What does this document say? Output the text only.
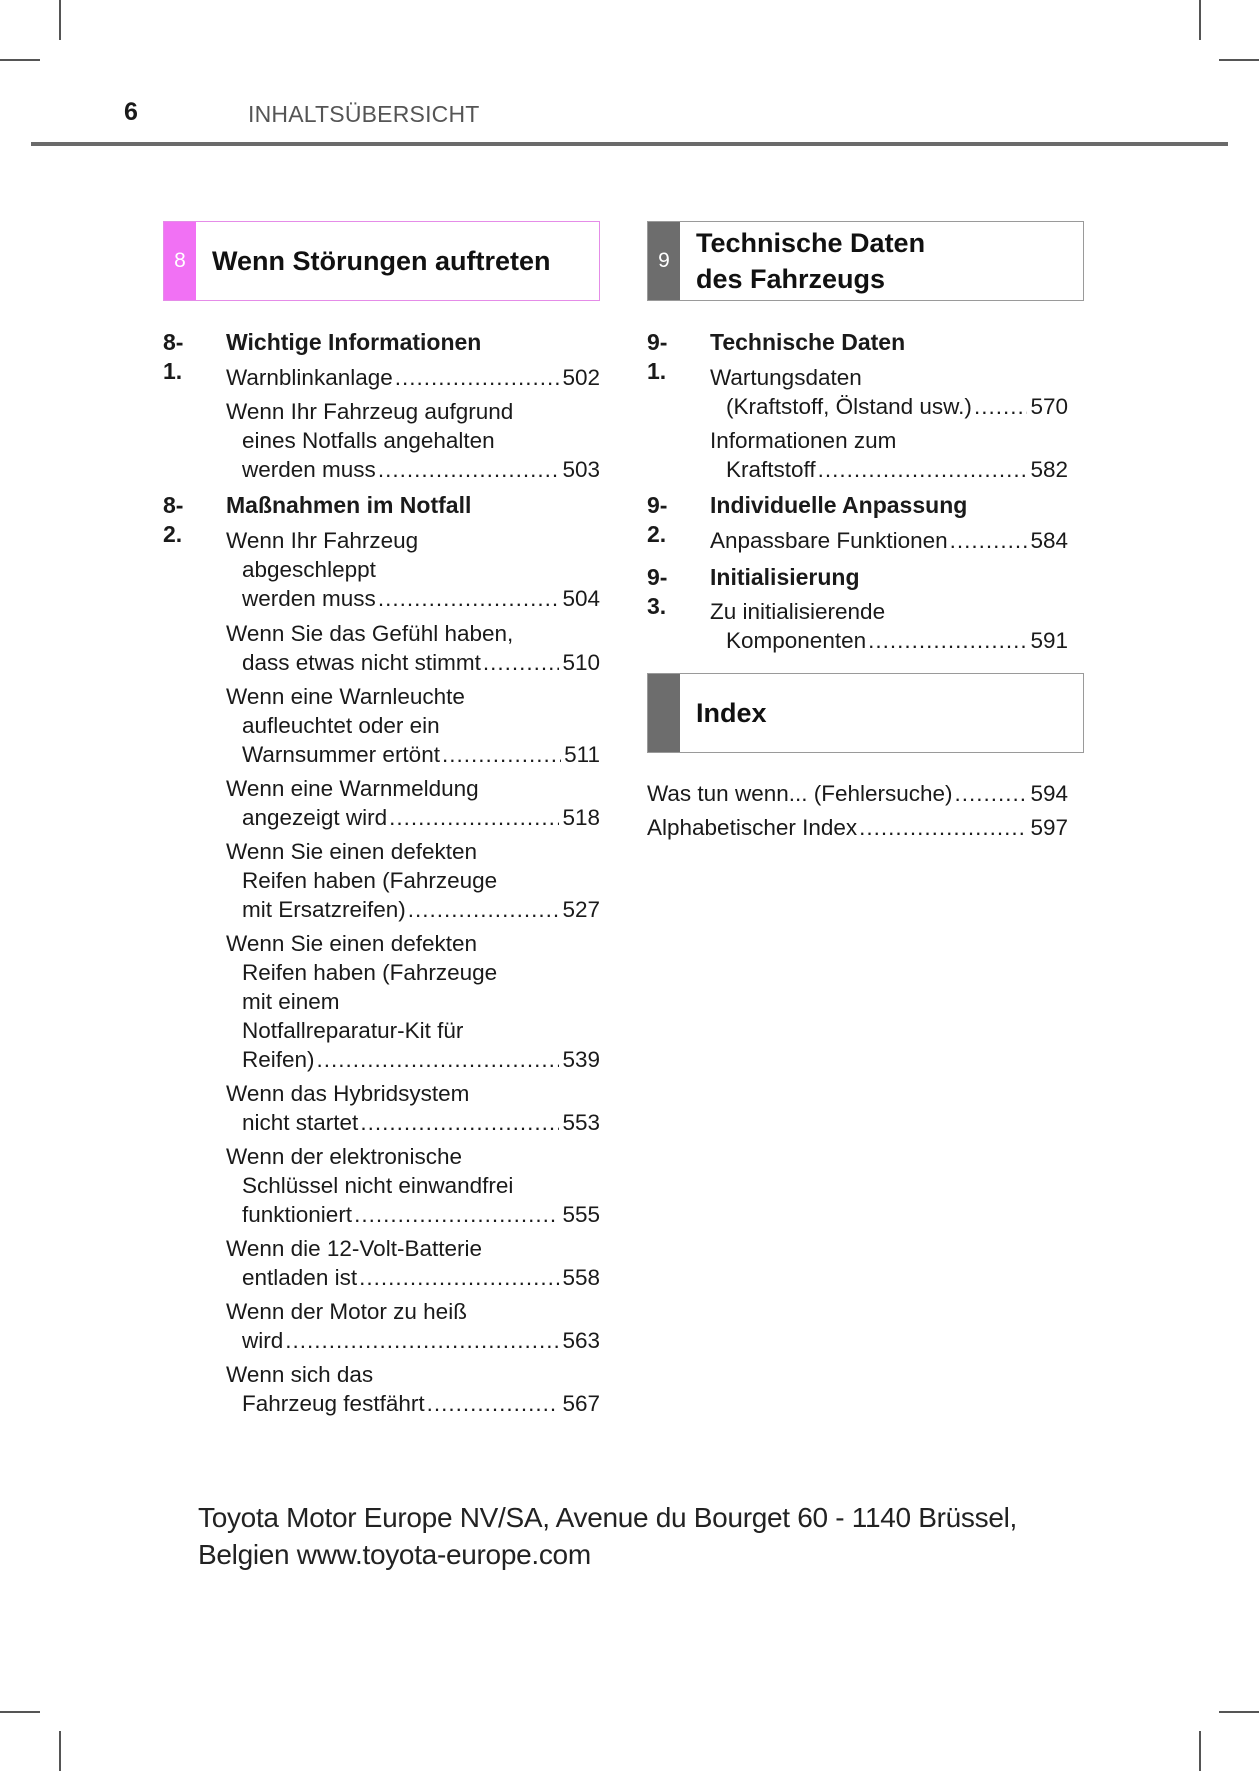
6	INHALTSÜBERSICHT
8 Wenn Störungen auftreten
8-1.
Wichtige Informationen
Warnblinkanlage .....	502
Wenn Ihr Fahrzeug aufgrund
eines Notfalls angehalten
werden muss .....	503
8-2.
Maßnahmen im Notfall
Wenn Ihr Fahrzeug
abgeschleppt
werden muss .....	504
Wenn Sie das Gefühl haben,
dass etwas nicht stimmt .....	510
Wenn eine Warnleuchte
aufleuchtet oder ein
Warnsummer ertönt .....	511
Wenn eine Warnmeldung
angezeigt wird .....	518
Wenn Sie einen defekten
Reifen haben (Fahrzeuge
mit Ersatzreifen) .....	527
Wenn Sie einen defekten
Reifen haben (Fahrzeuge
mit einem
Notfallreparatur-Kit für
Reifen) .....	539
Wenn das Hybridsystem
nicht startet .....	553
Wenn der elektronische
Schlüssel nicht einwandfrei
funktioniert .....	555
Wenn die 12-Volt-Batterie
entladen ist .....	558
Wenn der Motor zu heiß
wird .....	563
Wenn sich das
Fahrzeug festfährt .....	567
9
Technische Daten
des Fahrzeugs
9-1.
Technische Daten
Wartungsdaten
(Kraftstoff, Ölstand usw.) .....	570
Informationen zum
Kraftstoff .....	582
9-2.
Individuelle Anpassung
Anpassbare Funktionen .....	584
9-3.
Initialisierung
Zu initialisierende
Komponenten .....	591
Index
Was tun wenn... (Fehlersuche) .....	594
Alphabetischer Index .....	597
Toyota Motor Europe NV/SA, Avenue du Bourget 60 - 1140 Brüssel,
Belgien www.toyota-europe.com
